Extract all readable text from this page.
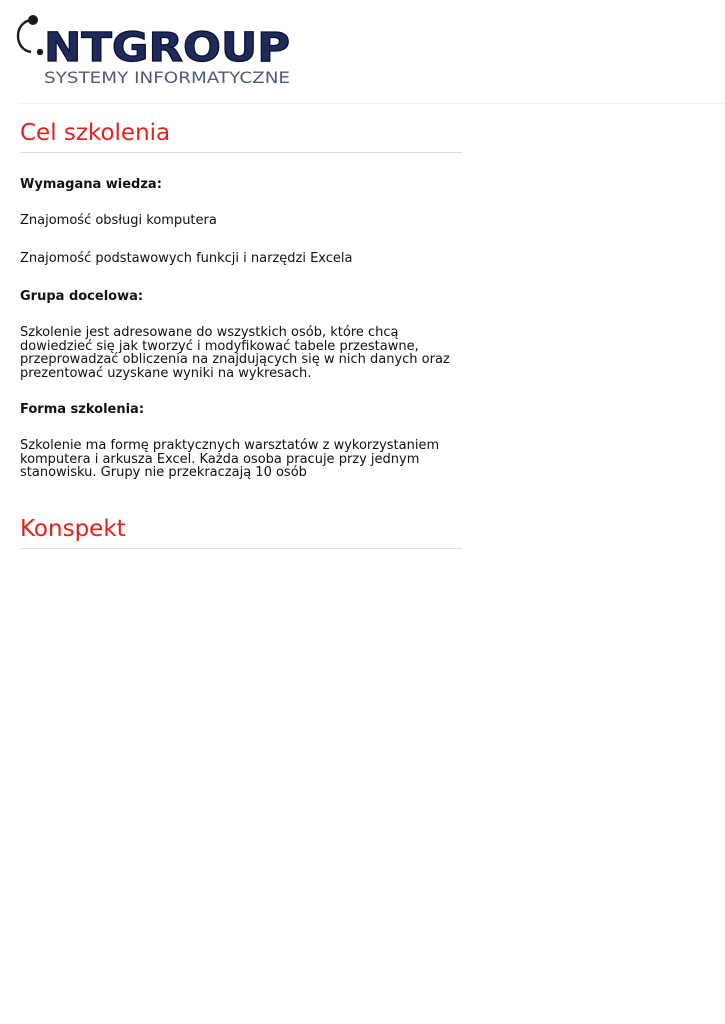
NTGROUP
SYSTEMY INFORMATYCZNE
Cel szkolenia

Wymagana wiedza:

Znajomość obsługi komputera

Znajomość podstawowych funkcji i narzędzi Excela

Grupa docelowa:

Szkolenie jest adresowane do wszystkich osób, które chcą dowiedzieć się jak tworzyć i modyfikować tabele przestawne, przeprowadzać obliczenia na znajdujących się w nich danych oraz prezentować uzyskane wyniki na wykresach.

Forma szkolenia:

Szkolenie ma formę praktycznych warsztatów z wykorzystaniem komputera i arkusza Excel. Każda osoba pracuje przy jednym stanowisku. Grupy nie przekraczają 10 osób

Konspekt
